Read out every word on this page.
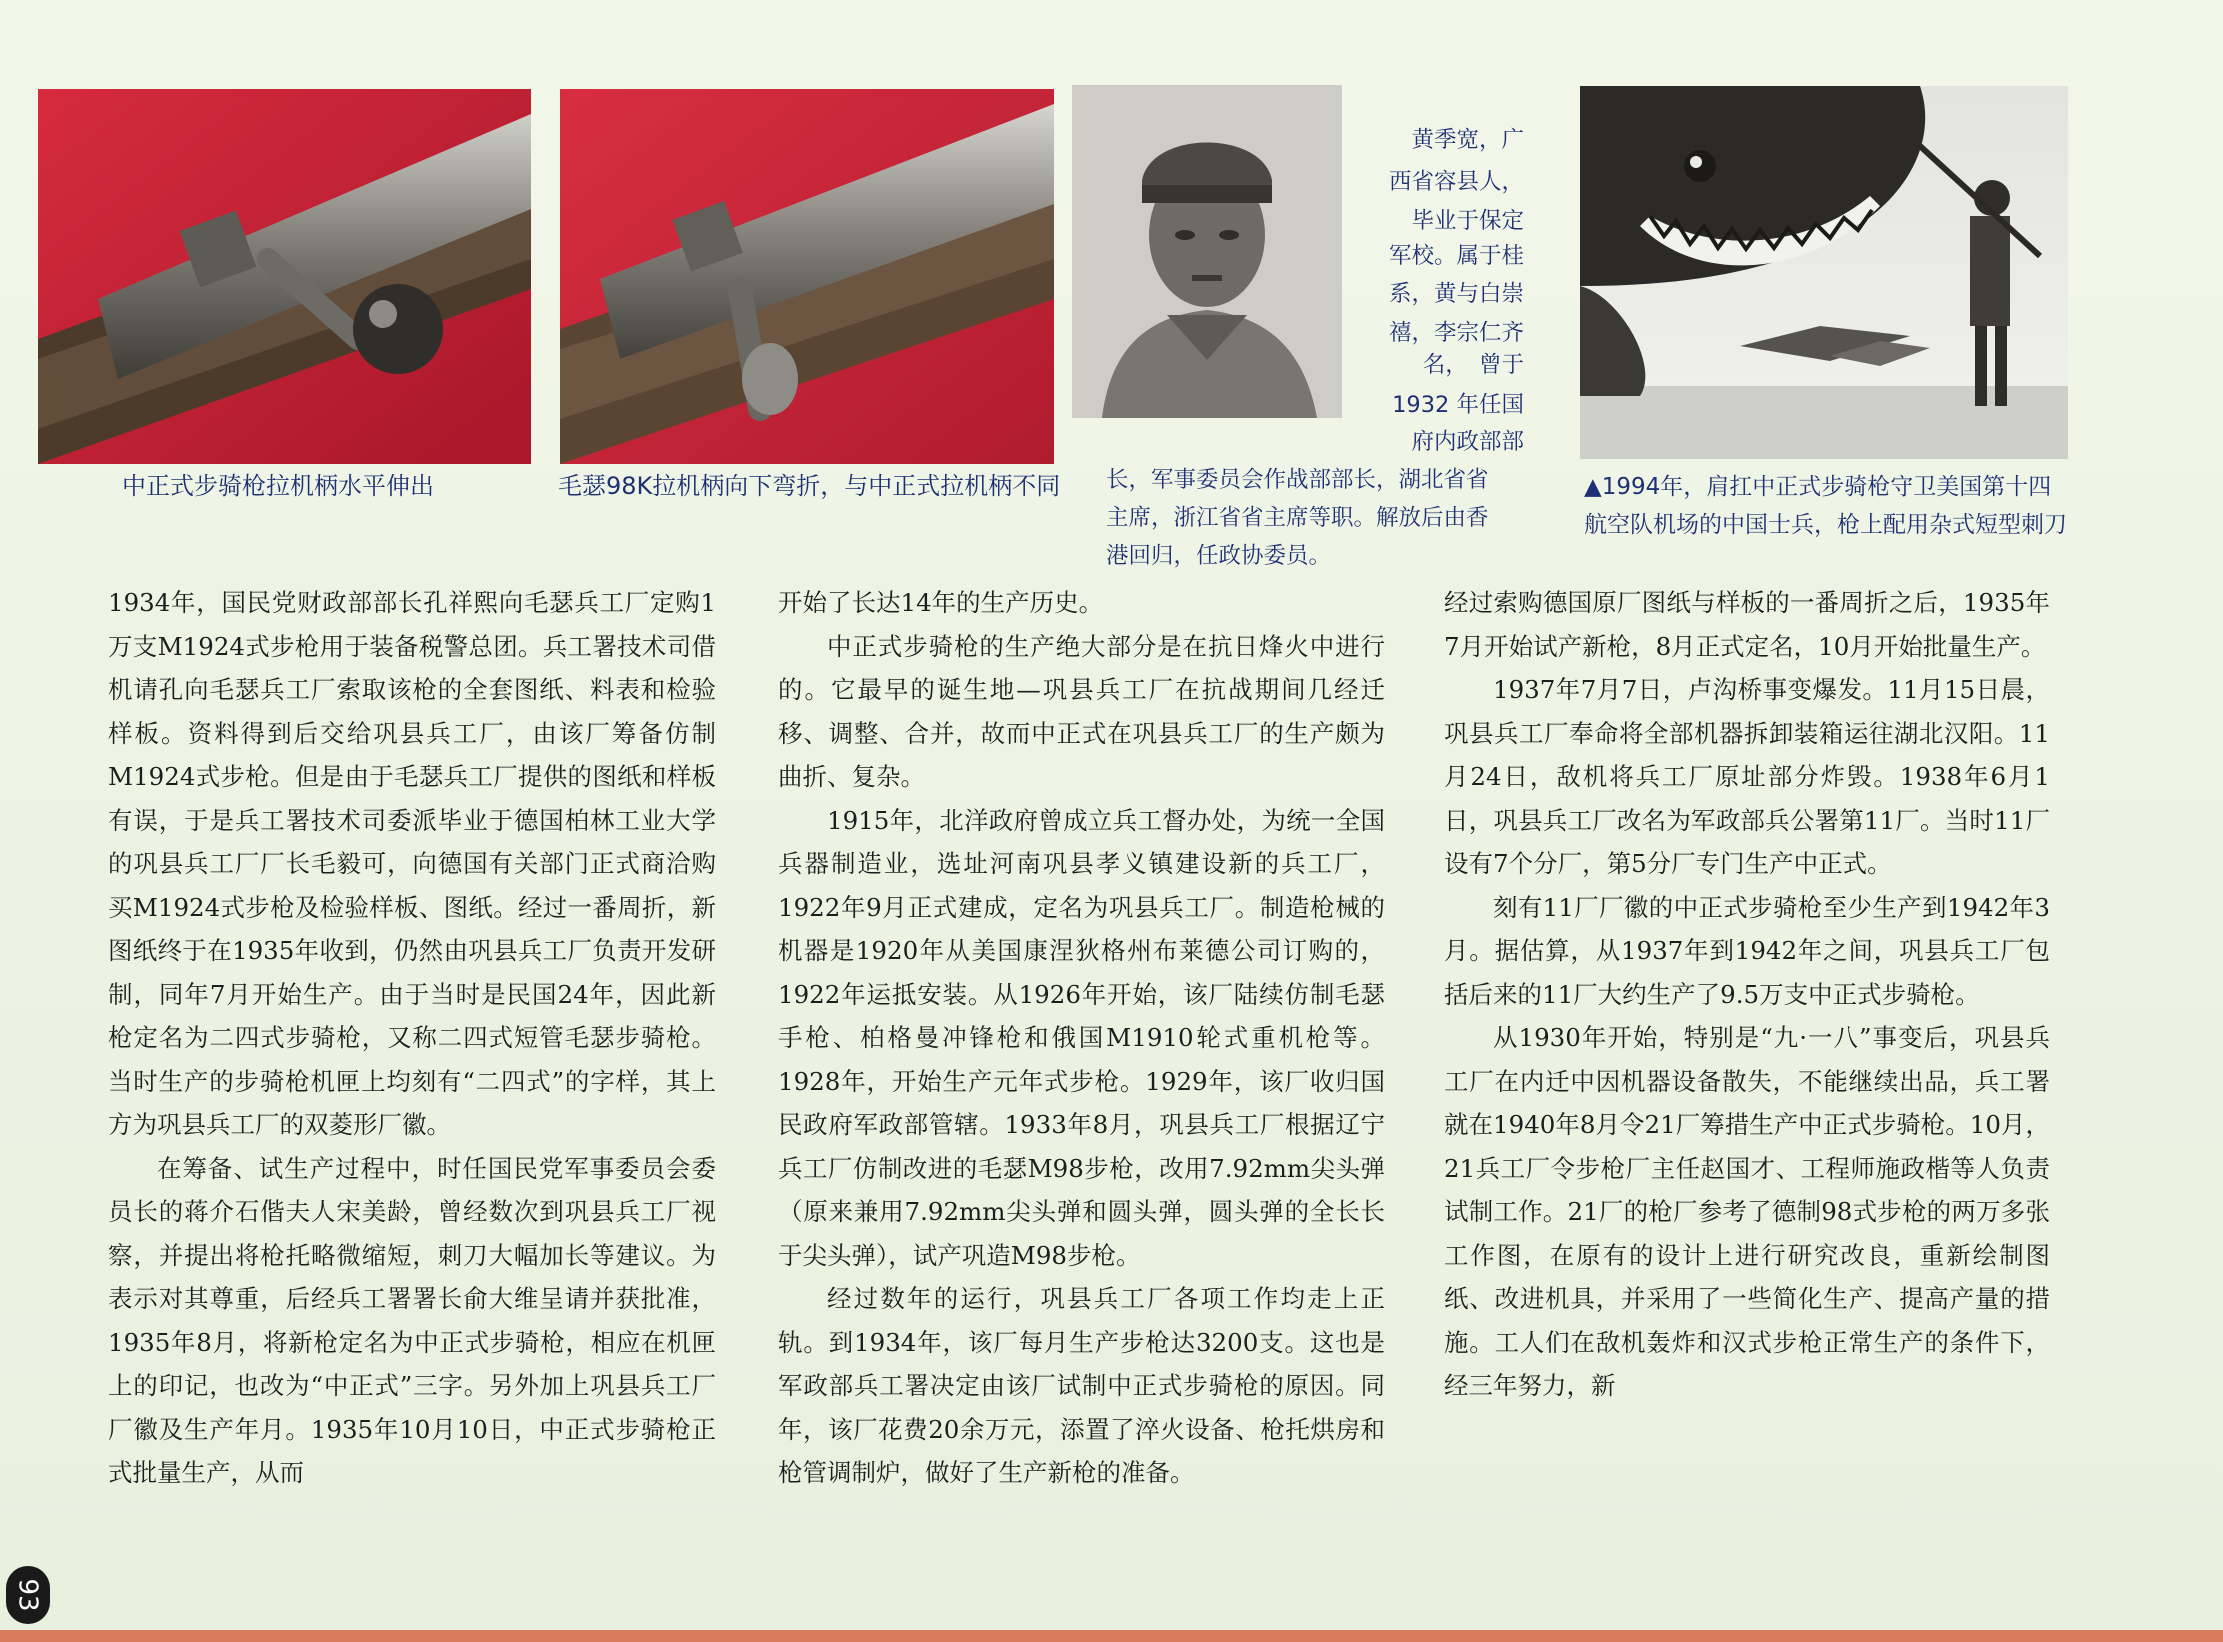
中正式步骑枪拉机柄水平伸出	毛瑟98K拉机柄向下弯折，与中正式拉机柄不同
黄季宽，广
西省容县人，
毕业于保定
军校。属于桂
系，黄与白崇
禧，李宗仁齐
名，　曾于
1932 年任国
府内政部部
长，军事委员会作战部部长，湖北省省
主席，浙江省省主席等职。解放后由香
港回归，任政协委员。
▲1994年，肩扛中正式步骑枪守卫美国第十四航空队机场的中国士兵，枪上配用杂式短型刺刀

1934年，国民党财政部部长孔祥熙向毛瑟兵工厂定购1万支M1924式步枪用于装备税警总团。兵工署技术司借机请孔向毛瑟兵工厂索取该枪的全套图纸、料表和检验样板。资料得到后交给巩县兵工厂，由该厂筹备仿制M1924式步枪。但是由于毛瑟兵工厂提供的图纸和样板有误，于是兵工署技术司委派毕业于德国柏林工业大学的巩县兵工厂厂长毛毅可，向德国有关部门正式商洽购买M1924式步枪及检验样板、图纸。经过一番周折，新图纸终于在1935年收到，仍然由巩县兵工厂负责开发研制，同年7月开始生产。由于当时是民国24年，因此新枪定名为二四式步骑枪，又称二四式短管毛瑟步骑枪。当时生产的步骑枪机匣上均刻有“二四式”的字样，其上方为巩县兵工厂的双菱形厂徽。

在筹备、试生产过程中，时任国民党军事委员会委员长的蒋介石偕夫人宋美龄，曾经数次到巩县兵工厂视察，并提出将枪托略微缩短，刺刀大幅加长等建议。为表示对其尊重，后经兵工署署长俞大维呈请并获批准，1935年8月，将新枪定名为中正式步骑枪，相应在机匣上的印记，也改为“中正式”三字。另外加上巩县兵工厂厂徽及生产年月。1935年10月10日，中正式步骑枪正式批量生产，从而

开始了长达14年的生产历史。

中正式步骑枪的生产绝大部分是在抗日烽火中进行的。它最早的诞生地—巩县兵工厂在抗战期间几经迁移、调整、合并，故而中正式在巩县兵工厂的生产颇为曲折、复杂。

1915年，北洋政府曾成立兵工督办处，为统一全国兵器制造业，选址河南巩县孝义镇建设新的兵工厂，1922年9月正式建成，定名为巩县兵工厂。制造枪械的机器是1920年从美国康涅狄格州布莱德公司订购的，1922年运抵安装。从1926年开始，该厂陆续仿制毛瑟手枪、柏格曼冲锋枪和俄国M1910轮式重机枪等。1928年，开始生产元年式步枪。1929年，该厂收归国民政府军政部管辖。1933年8月，巩县兵工厂根据辽宁兵工厂仿制改进的毛瑟M98步枪，改用7.92mm尖头弹（原来兼用7.92mm尖头弹和圆头弹，圆头弹的全长长于尖头弹），试产巩造M98步枪。

经过数年的运行，巩县兵工厂各项工作均走上正轨。到1934年，该厂每月生产步枪达3200支。这也是军政部兵工署决定由该厂试制中正式步骑枪的原因。同年，该厂花费20余万元，添置了淬火设备、枪托烘房和枪管调制炉，做好了生产新枪的准备。

经过索购德国原厂图纸与样板的一番周折之后，1935年7月开始试产新枪，8月正式定名，10月开始批量生产。

1937年7月7日，卢沟桥事变爆发。11月15日晨，巩县兵工厂奉命将全部机器拆卸装箱运往湖北汉阳。11月24日，敌机将兵工厂原址部分炸毁。1938年6月1日，巩县兵工厂改名为军政部兵公署第11厂。当时11厂设有7个分厂，第5分厂专门生产中正式。

刻有11厂厂徽的中正式步骑枪至少生产到1942年3月。据估算，从1937年到1942年之间，巩县兵工厂包括后来的11厂大约生产了9.5万支中正式步骑枪。

从1930年开始，特别是“九·一八”事变后，巩县兵工厂在内迁中因机器设备散失，不能继续出品，兵工署就在1940年8月令21厂筹措生产中正式步骑枪。10月，21兵工厂令步枪厂主任赵国才、工程师施政楷等人负责试制工作。21厂的枪厂参考了德制98式步枪的两万多张工作图，在原有的设计上进行研究改良，重新绘制图纸、改进机具，并采用了一些简化生产、提高产量的措施。工人们在敌机轰炸和汉式步枪正常生产的条件下，经三年努力，新

93
